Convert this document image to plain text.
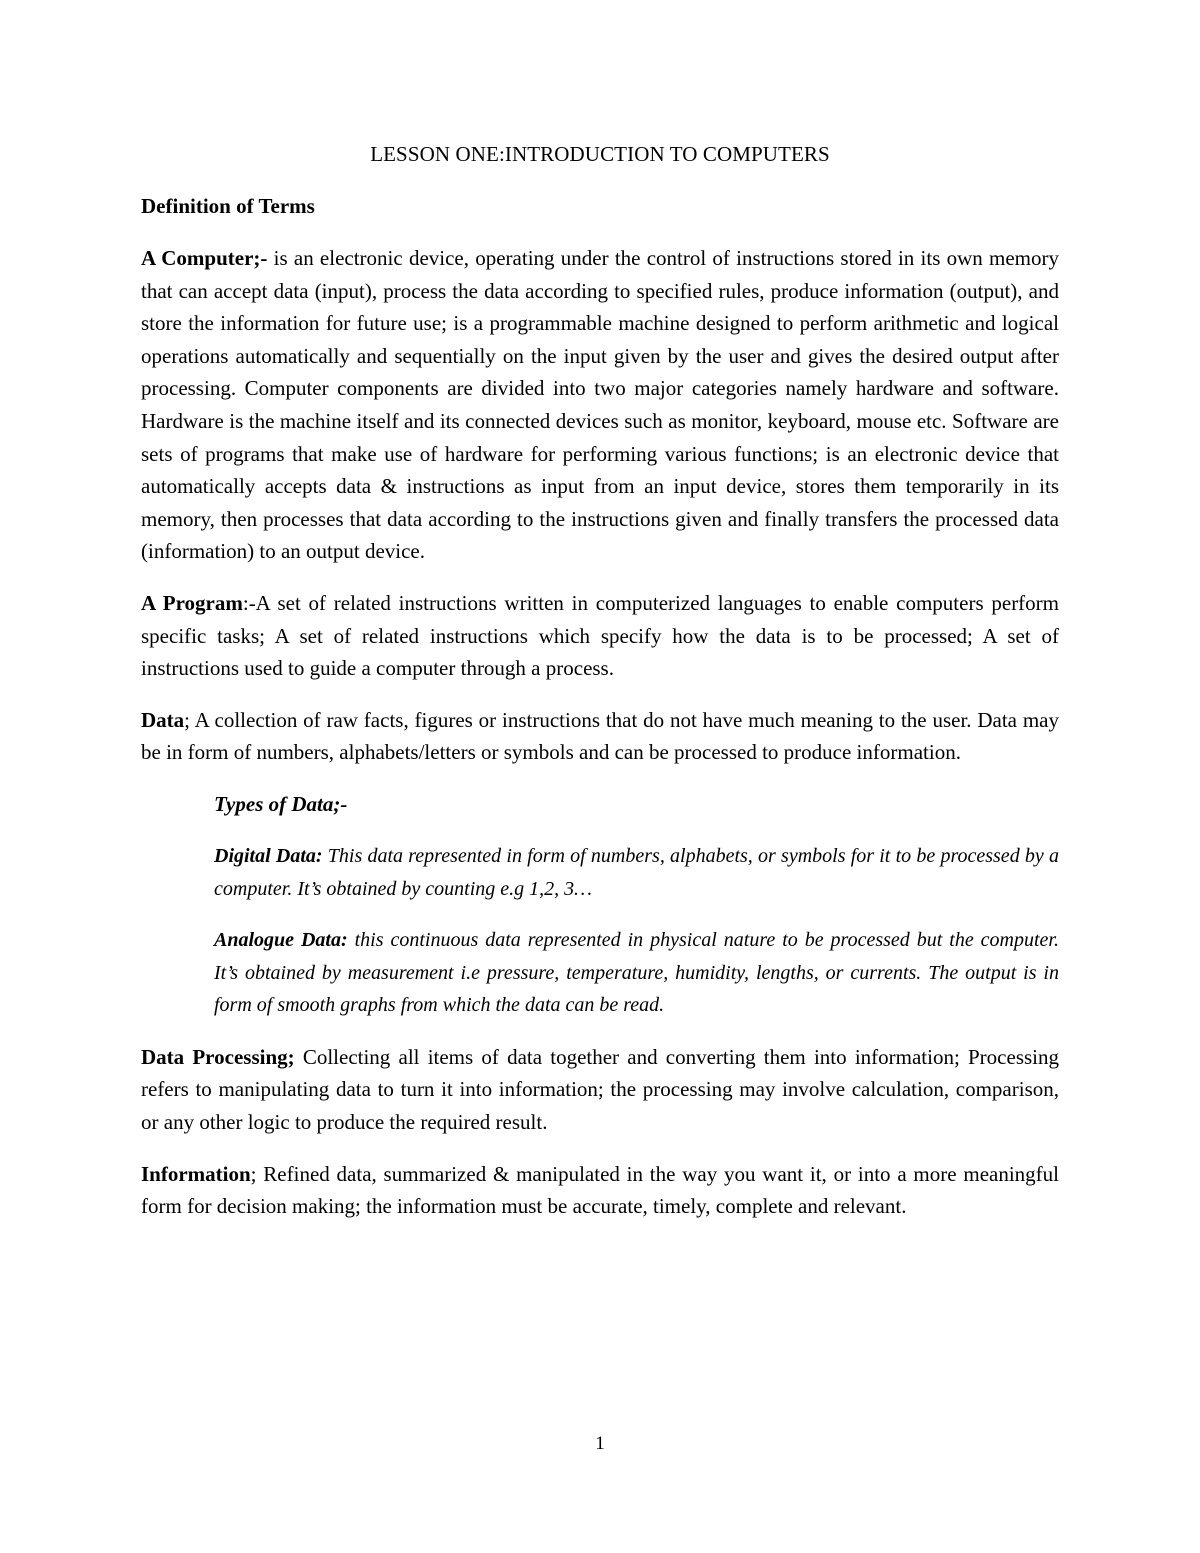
LESSON ONE:INTRODUCTION TO COMPUTERS
Definition of Terms

A Computer;- is an electronic device, operating under the control of instructions stored in its own memory that can accept data (input), process the data according to specified rules, produce information (output), and store the information for future use; is a programmable machine designed to perform arithmetic and logical operations automatically and sequentially on the input given by the user and gives the desired output after processing. Computer components are divided into two major categories namely hardware and software. Hardware is the machine itself and its connected devices such as monitor, keyboard, mouse etc. Software are sets of programs that make use of hardware for performing various functions; is an electronic device that automatically accepts data & instructions as input from an input device, stores them temporarily in its memory, then processes that data according to the instructions given and finally transfers the processed data (information) to an output device.

A Program:-A set of related instructions written in computerized languages to enable computers perform specific tasks; A set of related instructions which specify how the data is to be processed; A set of instructions used to guide a computer through a process.

Data; A collection of raw facts, figures or instructions that do not have much meaning to the user. Data may be in form of numbers, alphabets/letters or symbols and can be processed to produce information.

Types of Data;-

Digital Data: This data represented in form of numbers, alphabets, or symbols for it to be processed by a computer. It’s obtained by counting e.g 1,2, 3…

Analogue Data: this continuous data represented in physical nature to be processed but the computer. It’s obtained by measurement i.e pressure, temperature, humidity, lengths, or currents. The output is in form of smooth graphs from which the data can be read.

Data Processing; Collecting all items of data together and converting them into information; Processing refers to manipulating data to turn it into information; the processing may involve calculation, comparison, or any other logic to produce the required result.

Information; Refined data, summarized & manipulated in the way you want it, or into a more meaningful form for decision making; the information must be accurate, timely, complete and relevant.

1
